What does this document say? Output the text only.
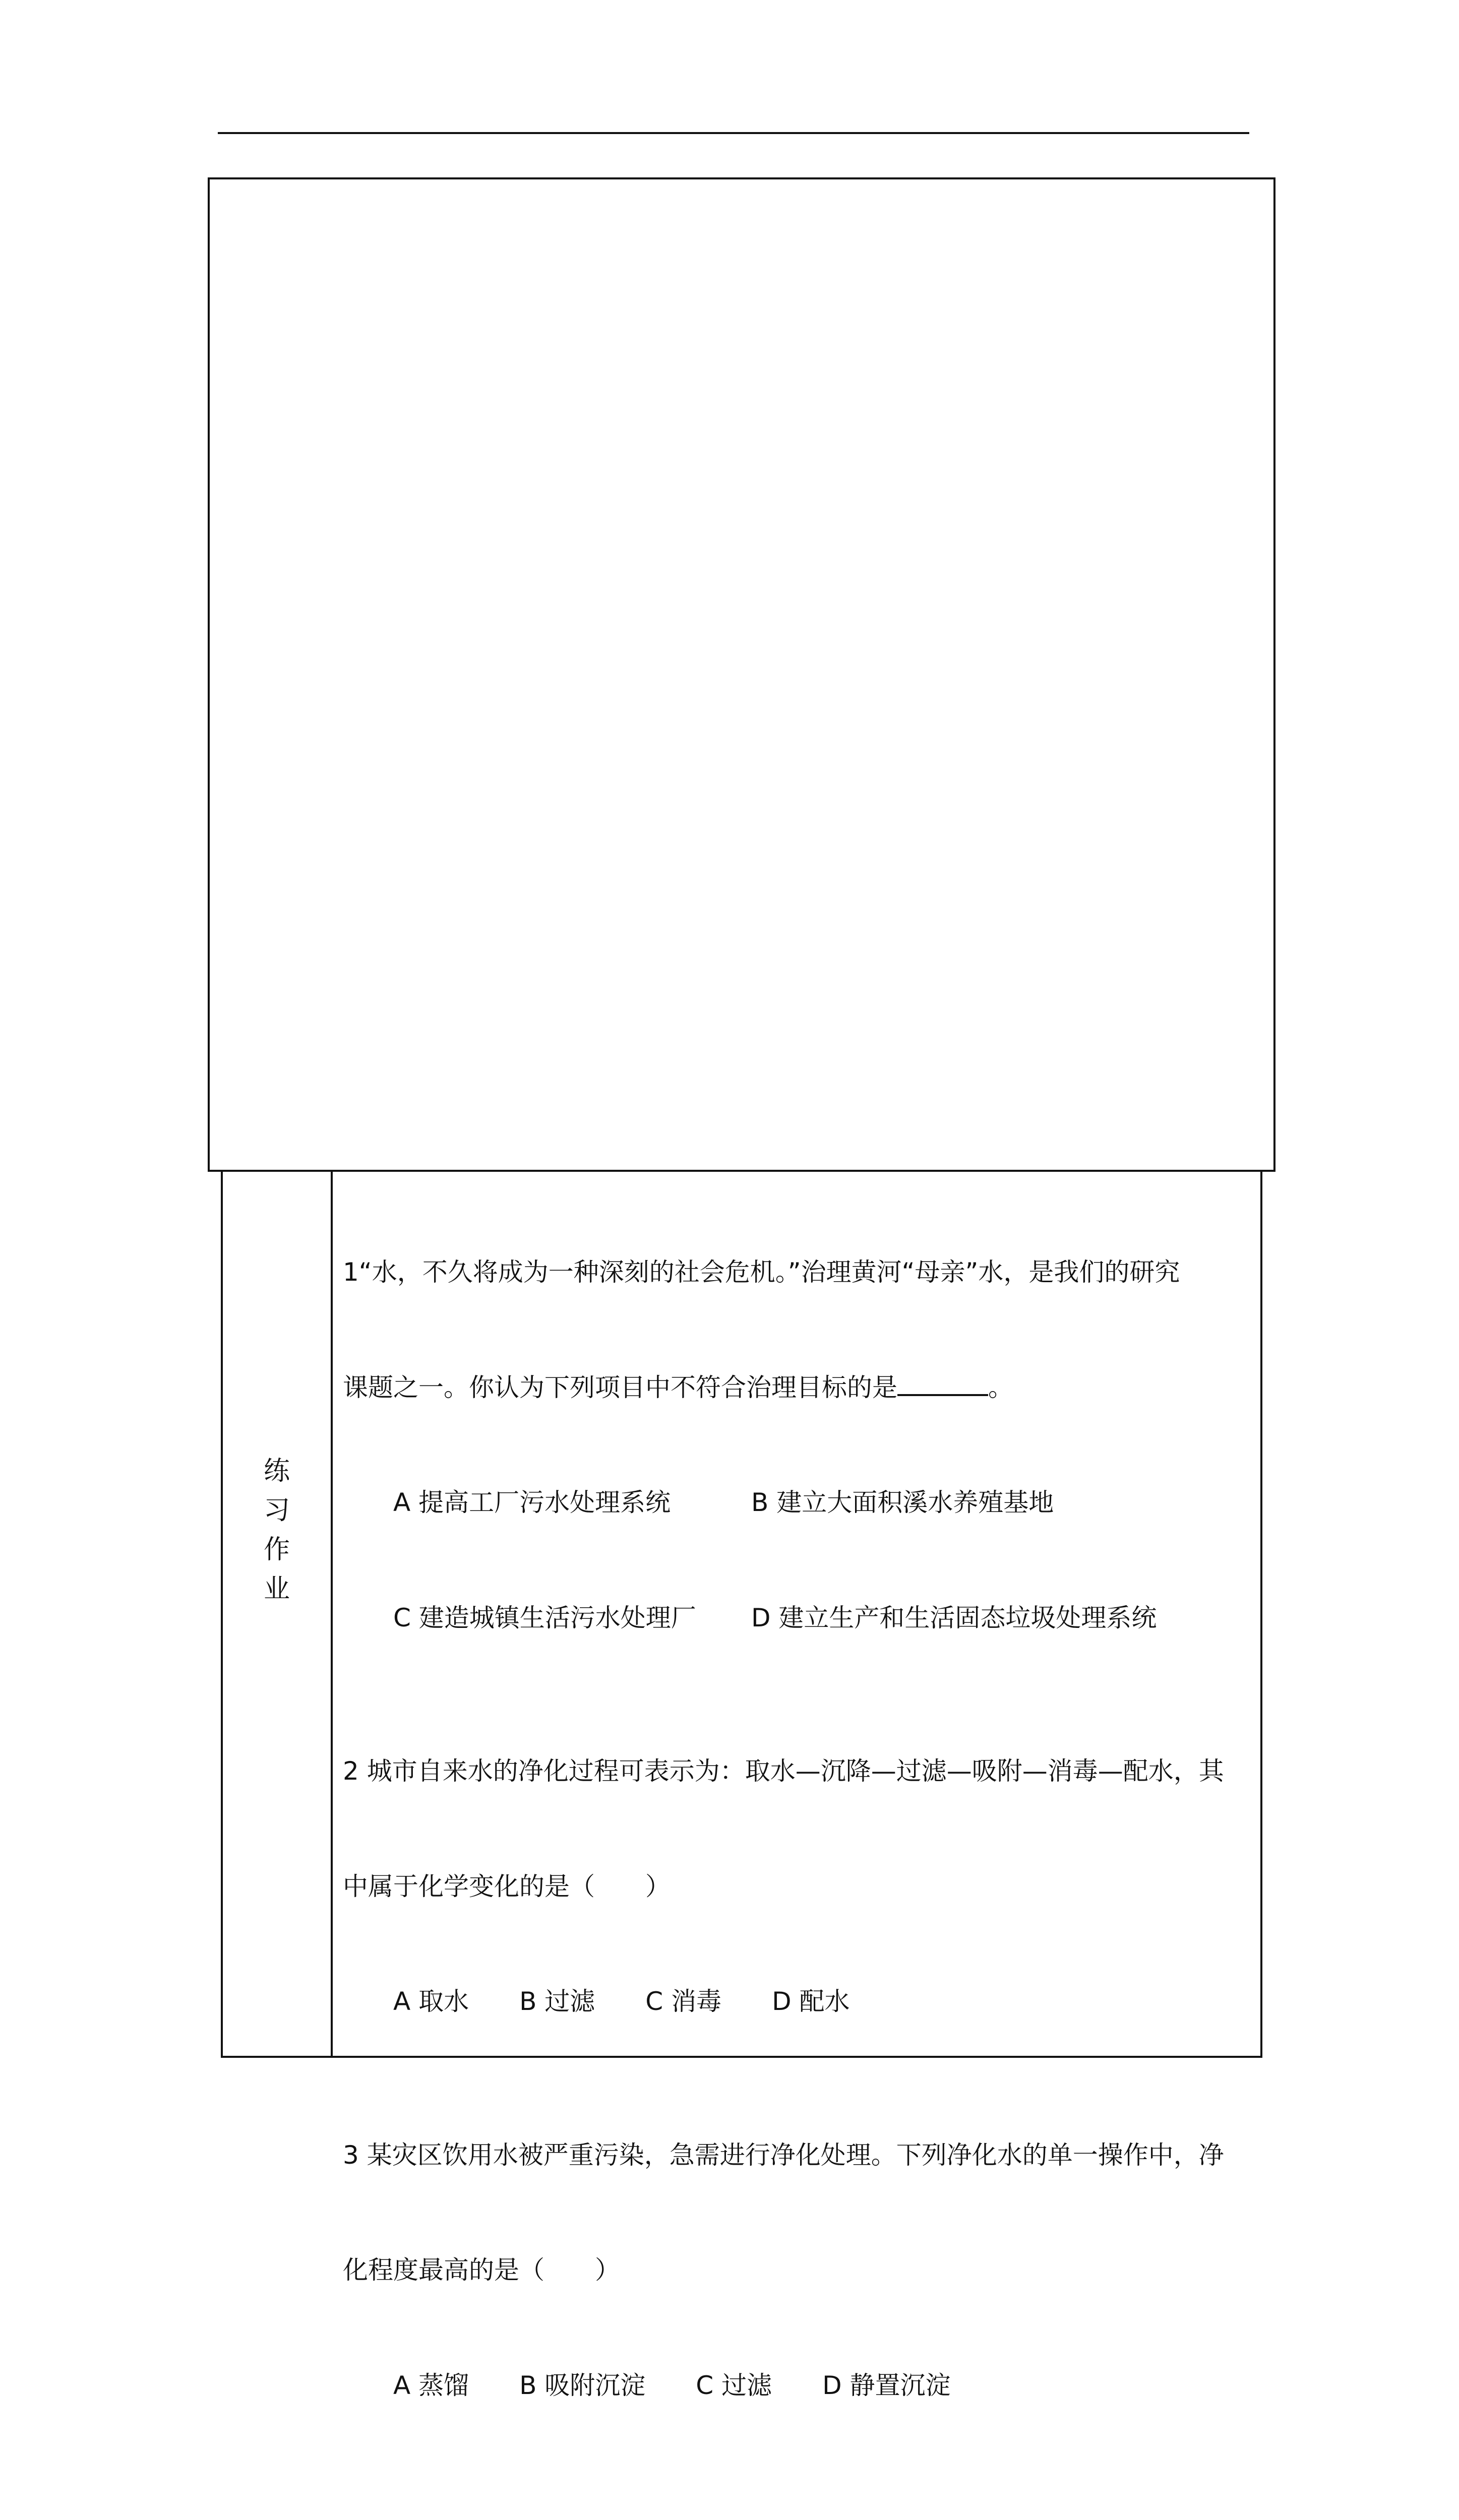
练
习
作
业

1“水，不久将成为一种深刻的社会危机。”治理黄河“母亲”水，是我们的研究

课题之一。你认为下列项目中不符合治理目标的是	。

A 提高工厂污水处理系统	B 建立大面积溪水养殖基地

C 建造城镇生活污水处理厂 D 建立生产和生活固态垃圾处理系统

2 城市自来水的净化过程可表示为：取水—沉降—过滤—吸附—消毒—配水，其

中属于化学变化的是（　　）

A 取水　　B 过滤　　C 消毒　　D 配水

3 某灾区饮用水被严重污染，急需进行净化处理。下列净化水的单一操作中，净

化程度最高的是（　　）

A 蒸馏　　B 吸附沉淀　　C 过滤　　D 静置沉淀
